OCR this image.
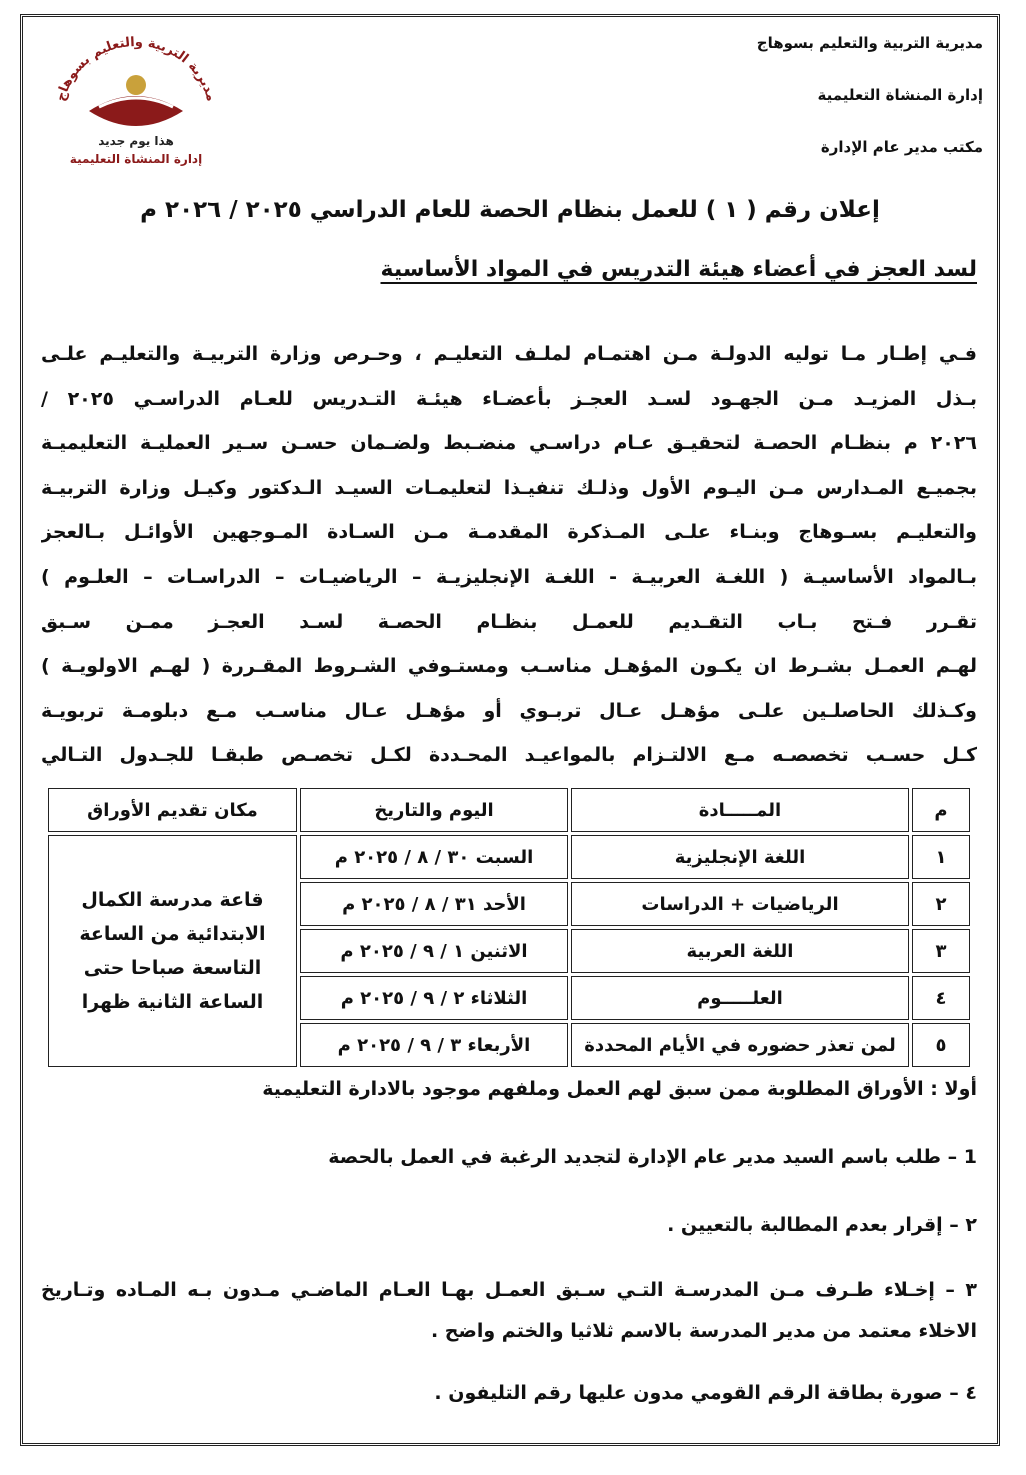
مديرية التربية والتعليم بسوهاج
إدارة المنشاة التعليمية
مكتب مدير عام الإدارة
مديرية التربية والتعليم بسوهاج
هذا يوم جديد
إدارة المنشاة التعليمية
إعلان رقم ( ١ ) للعمل بنظام الحصة للعام الدراسي ٢٠٢٥ / ٢٠٢٦ م
لسد العجز في أعضاء هيئة التدريس في المواد الأساسية
فـي إطـار مـا توليه الدولـة مـن اهتمـام لملـف التعليـم ، وحـرص وزارة التربيـة والتعليـم علـى
بـذل المزيـد مـن الجهـود لسـد العجـز بأعضـاء هيئـة التـدريس للعـام الدراسـي ٢٠٢٥ /
٢٠٢٦ م بنظـام الحصـة لتحقيـق عـام دراسـي منضـبط ولضـمان حسـن سـير العمليـة التعليميـة
بجميـع المـدارس مـن اليـوم الأول وذلـك تنفيـذا لتعليمـات السيـد الـدكتور وكيـل وزارة التربيـة
والتعليـم بسـوهاج وبنـاء علـى المـذكرة المقدمـة مـن السـادة المـوجهين الأوائـل بـالعجز
بـالمواد الأساسيـة ( اللغـة العربيـة - اللغـة الإنجليزيـة – الرياضيـات – الدراسـات – العلـوم )
تقـرر فـتح بـاب التقـديم للعمـل بنظـام الحصـة لسـد العجـز ممـن سـبق
لهـم العمـل بشـرط ان يكـون المؤهـل مناسـب ومستـوفي الشـروط المقـررة ( لهـم الاولويـة )
وكـذلك الحاصلـين علـى مؤهـل عـال تربـوي أو مؤهـل عـال مناسـب مـع دبلومـة تربويـة
كـل حسـب تخصصـه مـع الالتـزام بالمواعيـد المحـددة لكـل تخصـص طبقـا للجـدول التـالي
م	المـــــادة	اليوم والتاريخ	مكان تقديم الأوراق
١	اللغة الإنجليزية	السبت ٣٠ / ٨ / ٢٠٢٥ م	قاعة مدرسة الكمال الابتدائية من الساعة التاسعة صباحا حتى الساعة الثانية ظهرا
٢	الرياضيات + الدراسات	الأحد ٣١ / ٨ / ٢٠٢٥ م	
٣	اللغة العربية	الاثنين ١ / ٩ / ٢٠٢٥ م	
٤	العلـــــوم	الثلاثاء ٢ / ٩ / ٢٠٢٥ م	
٥	لمن تعذر حضوره في الأيام المحددة	الأربعاء ٣ / ٩ / ٢٠٢٥ م	
أولا : الأوراق المطلوبة ممن سبق لهم العمل وملفهم موجود بالادارة التعليمية
1 – طلب باسم السيد مدير عام الإدارة لتجديد الرغبة في العمل بالحصة
٢ – إقرار بعدم المطالبة بالتعيين .
٣ – إخـلاء طـرف مـن المدرسـة التـي سـبق العمـل بهـا العـام الماضـي مـدون بـه المـاده وتـاريخ
الاخلاء معتمد من مدير المدرسة بالاسم ثلاثيا والختم واضح .
٤ – صورة بطاقة الرقم القومي مدون عليها رقم التليفون .
